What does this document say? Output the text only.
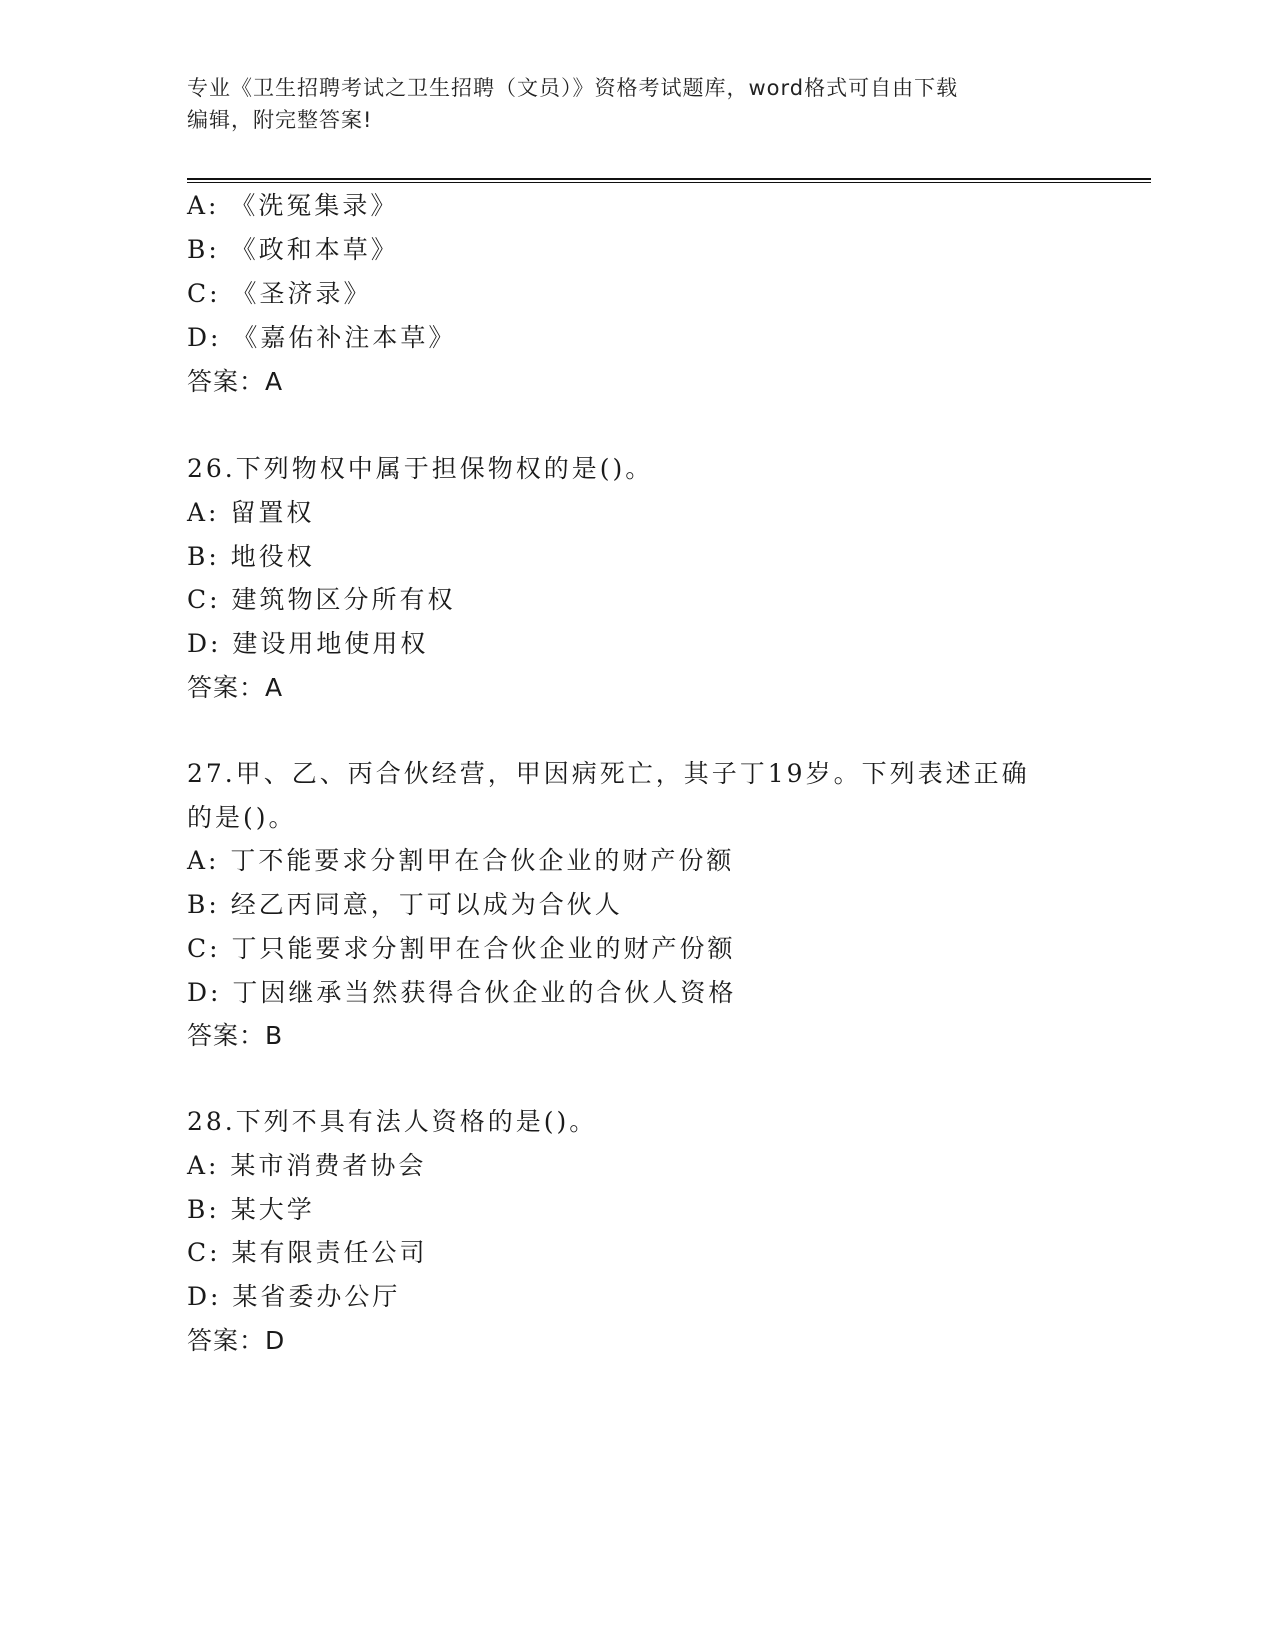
专业《卫生招聘考试之卫生招聘（文员）》资格考试题库，word格式可自由下载

编辑，附完整答案!

A: 《洗冤集录》
B: 《政和本草》
C: 《圣济录》
D: 《嘉佑补注本草》
答案：A
26.下列物权中属于担保物权的是()。
A: 留置权
B: 地役权
C: 建筑物区分所有权
D: 建设用地使用权
答案：A
27.甲、乙、丙合伙经营，甲因病死亡，其子丁19岁。下列表述正确
的是()。
A: 丁不能要求分割甲在合伙企业的财产份额
B: 经乙丙同意，丁可以成为合伙人
C: 丁只能要求分割甲在合伙企业的财产份额
D: 丁因继承当然获得合伙企业的合伙人资格
答案：B
28.下列不具有法人资格的是()。
A: 某市消费者协会
B: 某大学
C: 某有限责任公司
D: 某省委办公厅
答案：D
